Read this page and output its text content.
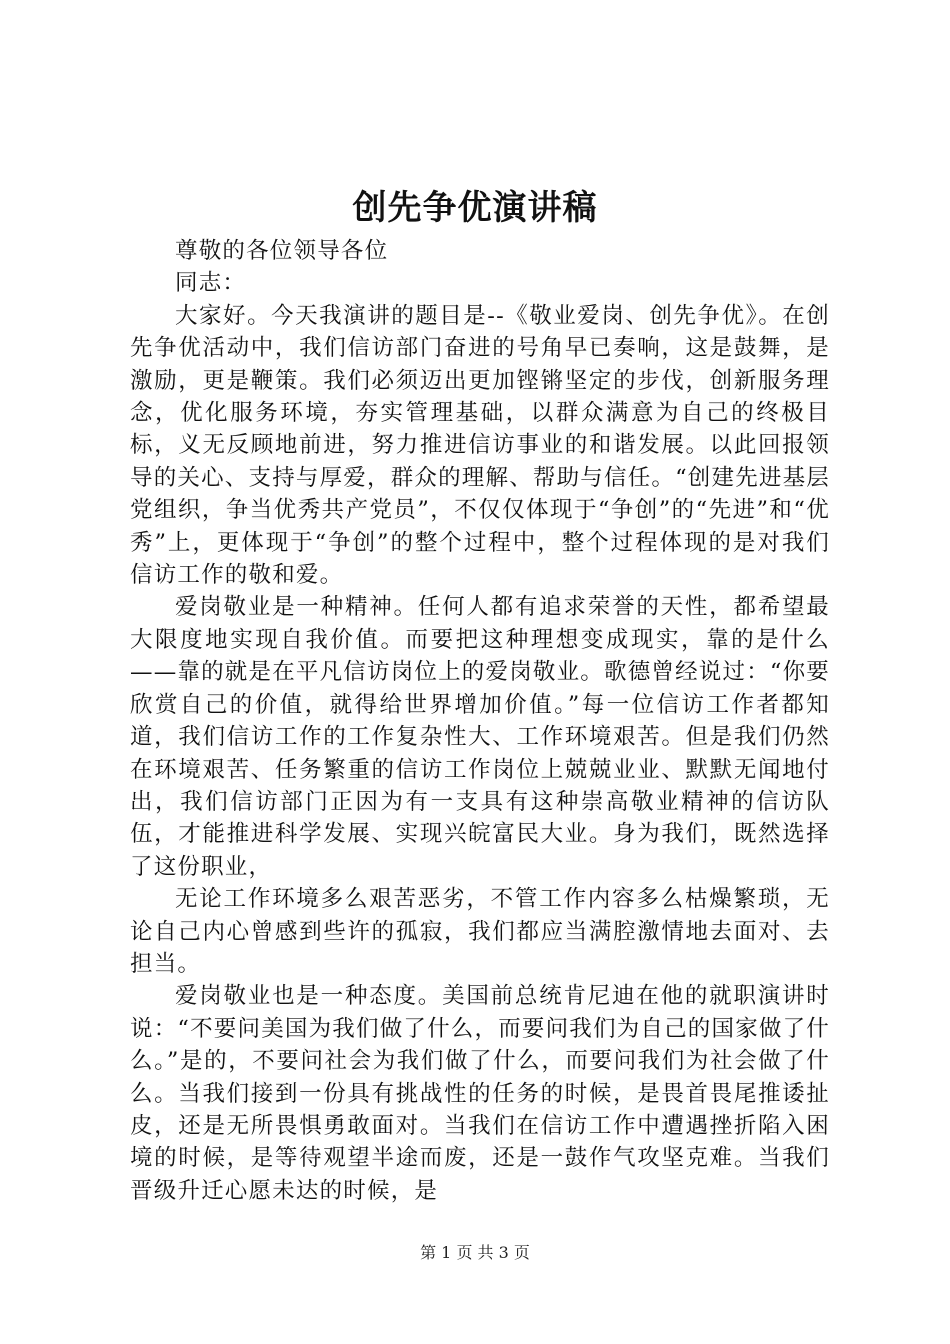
创先争优演讲稿

尊敬的各位领导各位

同志：

大家好。今天我演讲的题目是--《敬业爱岗、创先争优》。在创先争优活动中，我们信访部门奋进的号角早已奏响，这是鼓舞，是激励，更是鞭策。我们必须迈出更加铿锵坚定的步伐，创新服务理念，优化服务环境，夯实管理基础，以群众满意为自己的终极目标，义无反顾地前进，努力推进信访事业的和谐发展。以此回报领导的关心、支持与厚爱，群众的理解、帮助与信任。“创建先进基层党组织，争当优秀共产党员”，不仅仅体现于“争创”的“先进”和“优秀”上，更体现于“争创”的整个过程中，整个过程体现的是对我们信访工作的敬和爱。

爱岗敬业是一种精神。任何人都有追求荣誉的天性，都希望最大限度地实现自我价值。而要把这种理想变成现实，靠的是什么——靠的就是在平凡信访岗位上的爱岗敬业。歌德曾经说过：“你要欣赏自己的价值，就得给世界增加价值。”每一位信访工作者都知道，我们信访工作的工作复杂性大、工作环境艰苦。但是我们仍然在环境艰苦、任务繁重的信访工作岗位上兢兢业业、默默无闻地付出，我们信访部门正因为有一支具有这种崇高敬业精神的信访队伍，才能推进科学发展、实现兴皖富民大业。身为我们，既然选择了这份职业，

无论工作环境多么艰苦恶劣，不管工作内容多么枯燥繁琐，无论自己内心曾感到些许的孤寂，我们都应当满腔激情地去面对、去担当。

爱岗敬业也是一种态度。美国前总统肯尼迪在他的就职演讲时说：“不要问美国为我们做了什么，而要问我们为自己的国家做了什么。”是的，不要问社会为我们做了什么，而要问我们为社会做了什么。当我们接到一份具有挑战性的任务的时候，是畏首畏尾推诿扯皮，还是无所畏惧勇敢面对。当我们在信访工作中遭遇挫折陷入困境的时候，是等待观望半途而废，还是一鼓作气攻坚克难。当我们晋级升迁心愿未达的时候，是

第 1 页 共 3 页
